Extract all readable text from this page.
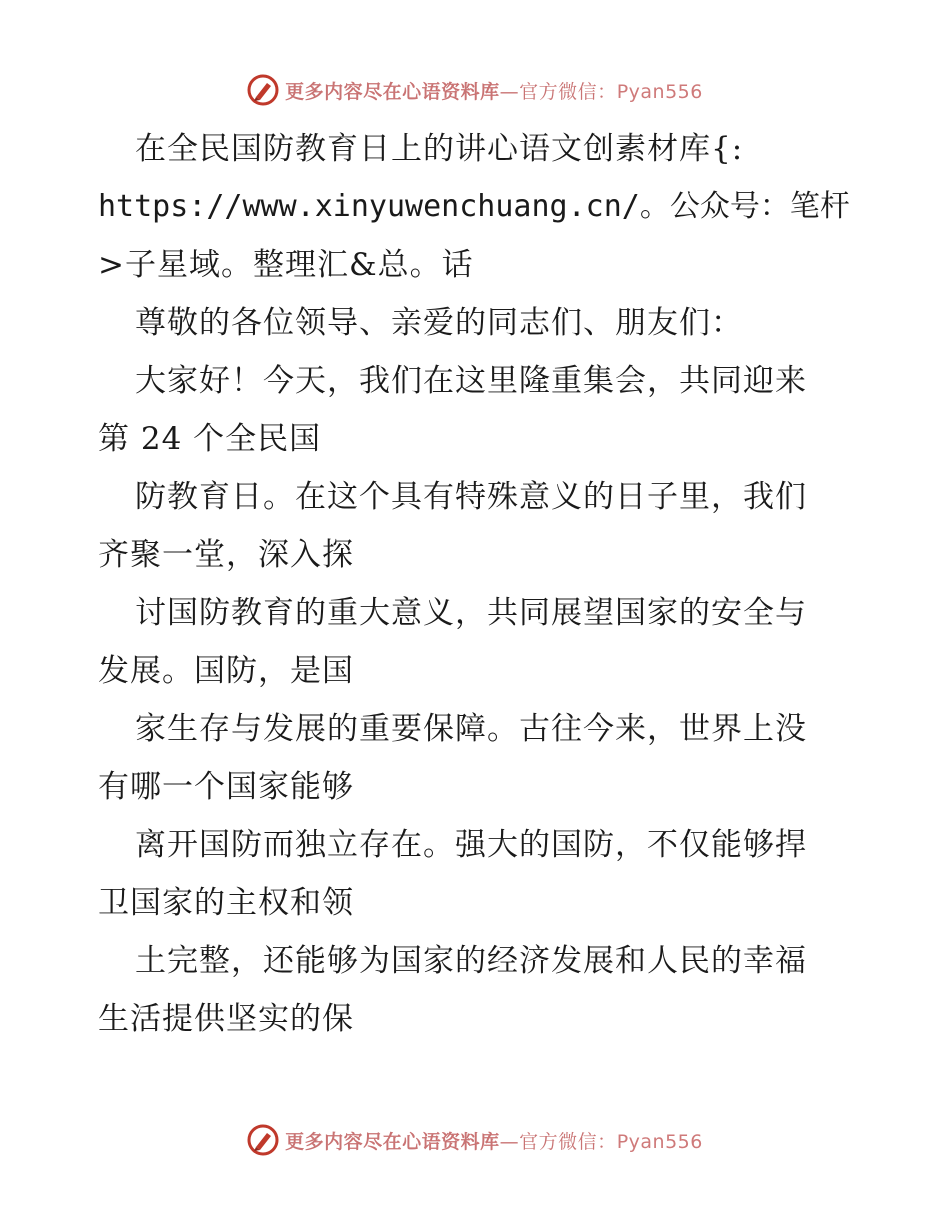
更多内容尽在心语资料库—官方微信：Pyan556
在全民国防教育日上的讲心语文创素材库{:
https://www.xinyuwenchuang.cn/。公众号：笔杆
>子星域。整理汇&总。话
尊敬的各位领导、亲爱的同志们、朋友们：
大家好！今天，我们在这里隆重集会，共同迎来
第 24 个全民国
防教育日。在这个具有特殊意义的日子里，我们
齐聚一堂，深入探
讨国防教育的重大意义，共同展望国家的安全与
发展。国防，是国
家生存与发展的重要保障。古往今来，世界上没
有哪一个国家能够
离开国防而独立存在。强大的国防，不仅能够捍
卫国家的主权和领
土完整，还能够为国家的经济发展和人民的幸福
生活提供坚实的保
更多内容尽在心语资料库—官方微信：Pyan556
